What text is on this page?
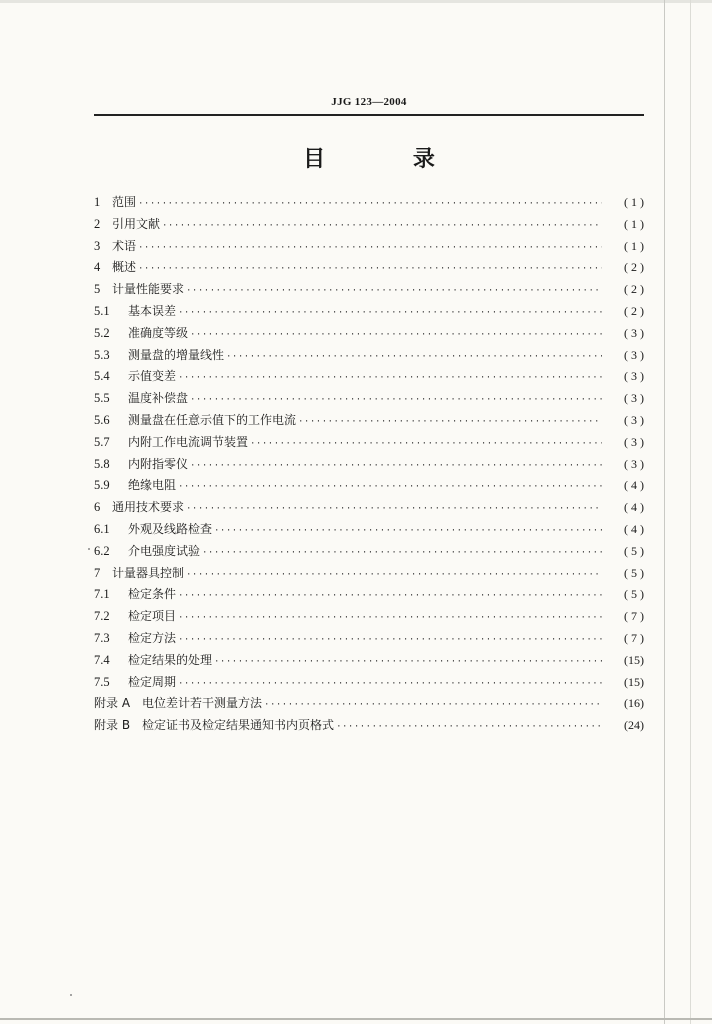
JJG 123—2004
目 录
1 范围 ·····	( 1 )
2 引用文献 ·····	( 1 )
3 术语 ·····	( 1 )
4 概述 ·····	( 2 )
5 计量性能要求 ·····	( 2 )
5.1	基本误差 ·····	( 2 )
5.2	准确度等级 ·····	( 3 )
5.3	测量盘的增量线性 ·····	( 3 )
5.4	示值变差 ·····	( 3 )
5.5	温度补偿盘 ·····	( 3 )
5.6	测量盘在任意示值下的工作电流 ·····	( 3 )
5.7	内附工作电流调节装置 ·····	( 3 )
5.8	内附指零仪 ·····	( 3 )
5.9	绝缘电阻 ·····	( 4 )
6 通用技术要求 ·····	( 4 )
6.1	外观及线路检查 ·····	( 4 )
6.2	介电强度试验 ·····	( 5 )
7 计量器具控制 ·····	( 5 )
7.1	检定条件 ·····	( 5 )
7.2	检定项目 ·····	( 7 )
7.3	检定方法 ·····	( 7 )
7.4	检定结果的处理 ·····	(15)
7.5	检定周期 ·····	(15)
附录 A　电位差计若干测量方法 ·····	(16)
附录 B　检定证书及检定结果通知书内页格式 ·····	(24)
